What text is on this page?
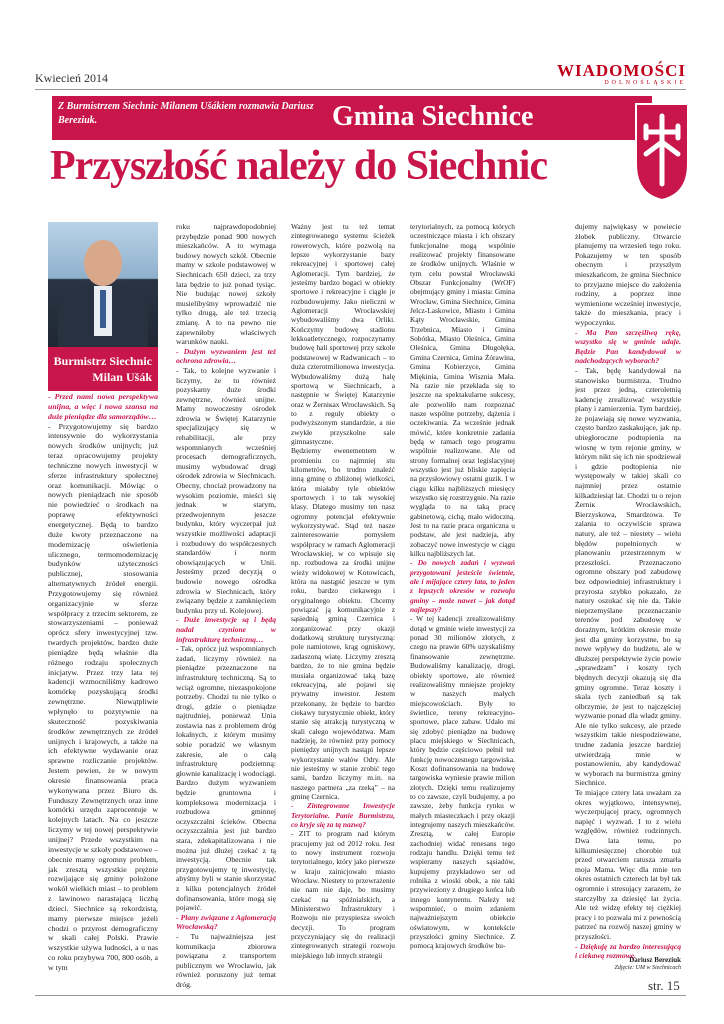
Kwiecień 2014	WIADOMOŚCI
DOLNOŚLĄSKIE
Z Burmistrzem Siechnic Milanem Ušákiem rozmawia Dariusz Bereziuk.	Gmina Siechnice
Przyszłość należy do Siechnic
Burmistrz Siechnic
Milan Ušák

- Przed nami nowa perspektywa unijna, a więc i nowa szansa na duże pieniądze dla samorządów…

- Przygotowujemy się bardzo intensywnie do wykorzystania nowych środków unijnych; już teraz opracowujemy projekty techniczne nowych inwestycji w sferze infrastruktury społecznej oraz komunikacji. Mówiąc o nowych pieniądzach nie sposób nie powiedzieć o środkach na poprawę efektywności energetycznej. Będą to bardzo duże kwoty przeznaczone na modernizację oświetlenia ulicznego, termomodernizację budynków użyteczności publicznej, stosowania alternatywnych źródeł energii. Przygotowujemy się również organizacyjnie w sferze współpracy z trzecim sektorem, ze stowarzyszeniami – ponieważ oprócz sfery inwestycyjnej tzw. twardych projektów, bardzo duże pieniądze będą właśnie dla różnego rodzaju społecznych inicjatyw. Przez trzy lata tej kadencji wzmocniliśmy kadrowo komórkę pozyskującą środki zewnętrzne. Niewątpliwie wpłynęło to pozytywnie na skuteczność pozyskiwania środków zewnętrznych ze źródeł unijnych i krajowych, a także na ich efektywne wydawanie oraz sprawne rozliczanie projektów. Jestem pewien, że w nowym okresie finansowania praca wykonywana przez Biuro ds. Funduszy Zewnętrznych oraz inne komórki urzędu zaprocentuje w kolejnych latach. Na co jeszcze liczymy w tej nowej perspektywie unijnej? Przede wszystkim na inwestycje w szkoły podstawowe – obecnie mamy ogromny problem, jak zresztą wszystkie prężnie rozwijające się gminy polożone wokół wielkich miast – to problem z lawinowo narastającą liczbą dzieci. Siechnice są rekordzistą, mamy pierwsze miejsce jeżeli chodzi o przyrost demograficzny w skali całej Polski. Prawie wszystkie używa ludności, a u nas co roku przybywa 700, 800 osób, a w tym

roku najprawdopodobniej przybędzie ponad 900 nowych mieszkańców. A to wymaga budowy nowych szkół. Obecnie mamy w szkole podstawowej w Siechnicach 650 dzieci, za trzy lata będzie to już ponad tysiąc. Nie budując nowej szkoły musielibyśmy wprowadzić nie tylko drugą, ale też trzecią zmianę. A to na pewno nie zapewniłoby właściwych warunków nauki.

- Dużym wyzwaniem jest też ochrona zdrowia…

- Tak, to kolejne wyzwanie i liczymy, że tu również pozyskamy duże środki zewnętrzne, również unijne. Mamy nowoczesny ośrodek zdrowia w Świętej Katarzynie specjalizujący się w rehabilitacji, ale przy wspomnianych wcześniej procesach demograficznych, musimy wybudować drugi ośrodek zdrowia w Siechnicach. Obecny, chociaż prowadzony na wysokim poziomie, mieści się jednak w starym, przedwojennym jeszcze budynku, który wyczerpał już wszystkie możliwości adaptacji i rozbudowy do współczesnych standardów i norm obowiązujących w Unii. Jesteśmy przed decyzją o budowie nowego ośrodka zdrowia w Siechnicach, który związany będzie z zamknięciem budynku przy ul. Kolejowej.

- Duże inwestycje są i będą nadal czynione w infrastrukturę techniczną…

- Tak, oprócz już wspomnianych zadań, liczymy również na pieniądze przeznaczone na infrastrukturę techniczną. Są to wciąż ogromne, niezaspokojone potrzeby. Chodzi tu nie tylko o drogi, gdzie o pieniądze najtrudniej, ponieważ Unia zostawia nas z problemem dróg lokalnych, z którym musimy sobie poradzić we własnym zakresie, ale o całą infrastrukturę podziemną: głownie kanalizację i wodociągi. Bardzo dużym wyzwaniem będzie gruntowna i kompleksowa modernizacja i rozbudowa gminnej oczyszczalni ścieków. Obecna oczyszczalnia jest już bardzo stara, zdekapitalizowana i nie można już dłużej czekać z tą inwestycją. Obecnie tak przygotowujemy tę inwestycję, abyśmy byli w stanie skorzystać z kilku potencjalnych źródeł dofinansowania, które mogą się pojawić.

- Plany związane z Aglomeracją Wrocławską?

- Tu najważniejsza jest komunikacja zbiorowa powiązana z transportem publicznym we Wrocławiu, jak również poruszony już temat dróg.

Ważny jest tu też temat zintegrowanego systemu ścieżek rowerowych, które pozwolą na lepsze wykorzystanie bazy rekreacyjnej i sportowej całej Aglomeracji. Tym bardziej, że jesteśmy bardzo bogaci w obiekty sportowe i rekreacyjne i ciągle je rozbudowujemy. Jako nieliczni w Aglomeracji Wrocławskiej wybudowaliśmy dwa Orliki. Kończymy budowę stadionu lekkoatletycznego, rozpoczynamy budowę hali sportowej przy szkole podstawowej w Radwanicach – to duża czterotmilionowa inwestycja. Wybudowaliśmy dużą halę sportową w Siechnicach, a następnie w Świętej Katarzynie oraz w Żerniках Wrocławskich. Są to z reguły obiekty o podwyższonym standardzie, a nie zwykłe przyszkolne sale gimnastyczne.

Będziemy ewenementem w promieniu co najmniej stu kilometrów, bo trudno znaleźć inną gminę o zbliżonej wielkości, która miałaby tyle obiektów sportowych i to tak wysokiej klasy. Dlatego musimy ten nasz ogromny potencjał efektywnie wykorzystywać. Stąd też nasze zainteresowanie pomysłem współpracy w ramach Aglomeracji Wrocławskiej, w co wpisuje się np. rozbudowa za środki unijne wieży widokowej w Kotowicach, która na nastąpić jeszcze w tym roku, bardzo ciekawego i oryginalnego obiektu. Chcemy powiązać ją komunikacyjnie z sąsiednią gminą Czernica i zorganizować przy okazji dodatkową strukturę turystyczną: pole namiotowe, krąg ogniskowy, zadaszoną wiatę. Liczymy zresztą bardzo, że to nie gmina będzie musiała organizować taką bazę rekreacyjną, ale pojawi się prywatny inwestor. Jestem przekonany, że będzie to bardzo ciekawy turystycznie obiekt, który stanie się atrakcją turystyczną w skali całego województwa. Mam nadzieję, że również przy pomocy pieniędzy unijnych nastąpi lepsze wykorzystanie wałów Odry. Ale nie jesteśmy w stanie zrobić tego sami, bardzo liczymy m.in. na naszego partnera „za rzeką” – na gminę Czernica.

- Zintegrowane Inwestycje Terytorialne. Panie Burmistrzu, co kryje się za tą nazwą?

- ZIT to program nad którym pracujemy już od 2012 roku. Jest to nowy instrument rozwoju terytorialnego, który jako pierwsze w kraju zainicjowało miasto Wrocław. Niestety to przewrażenie nie nam nie daje, bo musimy czekać na spóźnialskich, a Ministerstwo Infrastruktury i Rozwoju nie przyspiesza swoich decyzji. To program przyczyniający się do realizacji zintegrowanych strategii rozwoju miejskiego lub innych strategii

terytorialnych, za pomocą których uczestniczące miasta i ich obszary funkcjonalne mogą wspólnie realizować projekty finansowane ze środków unijnych. Właśnie w tym celu powstał Wrocławski Obszar Funkcjonalny (WrOF) obejmujący gminy i miasta: Gmina Wrocław, Gmina Siechnice, Gmina Jelcz-Laskowice, Miasto i Gmina Kąty Wrocławskie, Gmina Trzebnica, Miasto i Gmina Sobótka, Miasto Oleśnica, Gmina Oleśnica, Gmina Długołęka, Gmina Czernica, Gmina Żórawina, Gmina Kobierzyce, Gmina Miękinia, Gmina Wisznia Mała. Na razie nie przekłada się to jeszcze na spektakularne sukcesy, ale pozwoliło nam rozpoznać nasze wspólne potrzeby, dążenia i oczekiwania. Za wcześnie jednak mówić, które konkretnie zadania będą w ramach tego programu wspólnie realizowane. Ale od strony formalnej oraz legislacyjnej wszystko jest już bliskie zapięcia na przysłowiowy ostatni guzik. I w ciągu kilku najbliższych miesięcy wszystko się rozstrzygnie. Na razie wygląda to na taką pracę gabinetową, cichą, mało widoczną. Jest to na razie praca organiczna u podstaw, ale jest nadzieja, aby zobaczyć nowe inwestycje w ciągu kilku najbliższych lat.

- Do nowych zadań i wyzwań przygotowani jesteście świetnie, ale i mijające cztery lata, to jeden z lepszych okresów w rozwoju gminy – może nawet – jak dotąd najlepszy?

- W tej kadencji zrealizowaliśmy dotąd w gminie wiele inwestycji za ponad 30 milionów złotych, z czego na prawie 60% uzyskaliśmy finansowanie zewnętrzne. Budowaliśmy kanalizację, drogi, obiekty sportowe, ale również realizowaliśmy mniejsze projekty w naszych małych miejscowościach. Były to świetlice, tereny rekreacyjno-sportowe, place zabaw. Udało mi się zdobyć pieniądze na budowę placu miejskiego w Siechnicach, który będzie częściowo pełnił też funkcję nowoczesnego targowiska. Koszt dofinansowania na budowę targowiska wyniesie prawie milion złotych. Dzięki temu realizujemy to co zawsze, czyli budujemy, a po zawsze, żeby funkcja rynku w małych miasteczkach i przy okazji integrujemy naszych mieszkańców. Zresztą, w całej Europie zachodniej widać renesans tego rodzaju handlu. Dzięki temu też wspieramy naszych sąsiadów, kupujemy przykładowo ser od rolnika z wioski obok, a nie taki przywieziony z drugiego końca lub innego kontynentu. Należy też wspomnieć, o moim zdaniem najważniejszym obiekcie oświatowym, w kontekście przyszłości gminy Siechnice. Z pomocą krajowych środków bu-

dujemy najwiękasy w powiecie żłobek publiczny. Otwarcie planujemy na wrzesień tego roku. Pokazujemy w ten sposób obecnym i przyszłym mieszkańcom, że gmina Siechnice to przyjazne miejsce do założenia rodziny, a poprzez inne wymienione wcześniej inwestycje, także do mieszkania, pracy i wypoczynku.

- Ma Pan szczęśliwą rękę, wszystko się w gminie udaje. Będzie Pan kandydował w nadchodzących wyborach?

- Tak, będę kandydował na stanowisko burmistrza. Trudno jest przez jedną, czteroletnią kadencję zrealizować wszystkie plany i zamierzenia. Tym bardziej, że pojawiają się nowe wyzwania, często bardzo zaskakujące, jak np. ubiegłoroczne podtopienia na wiosnę w tym rejonie gminy, w którym nikt się ich nie spodziewał i gdzie podtopienia nie występowały w takiej skali co najmniej przez ostatnie kilkadziesiąt lat. Chodzi tu o rejon Żerniк Wrocławskich, Bierzyskowa, Smardzowa. Te zalania to oczywiście sprawa natury, ale też – niestety – wielu błędów popełnionych w planowaniu przestrzennym w przeszłości. Przeznaczono ogromne obszary pod zabudowę bez odpowiedniej infrastruktury i przyrosta szybko pokazało, że natury oszukać się nie da. Takie nieprzemyślane przeznaczanie terenów pod zabudowę w dorażnym, krótkim okresie może jest dla gminy korzystne, bo są nowe wpływy do budżetu, ale w dłuższej perspektywie życie powie „sprawdzam” i koszty tych błędnych decyzji okazują się dla gminy ogromne. Teraz koszty i skala tych zaniedbań są tak olbrzymie, że jest to najczęściej wyzwanie ponad dla władz gminy. Ale nie tylko sukcesy, ale przede wszystkim takie niespodziewane, trudne zadania jeszcze bardziej utwierdzają mnie w postanowieniu, aby kandydować w wyborach na burmistrza gminy Siechnice.

Te miające cztery lata uważam za okres wyjątkowo, intensywnej, wyczerpującej pracy, ogromnych napięć i wyzwań. I to z wielu względów, również rodzinnych. Dwa lata temu, po kilkumiesięcznej chorobie tuż przed otwarciem ratusza zmarła moja Mama. Więc dla mnie ten okres ostatnich czterech lat był tak ogromnie i stresujący zarazem, że starczyłby za dziesięć lat życia. Ale też widzę efekty tej ciężkiej pracy i to pozwala mi z pewnością patrzeć na rozwój naszej gminy w przyszłości.

- Dziękuję za bardzo interesującą i ciekawą rozmowę.

Dariusz Bereziuk
Zdjęcie: UM w Siechnicach
str. 15
